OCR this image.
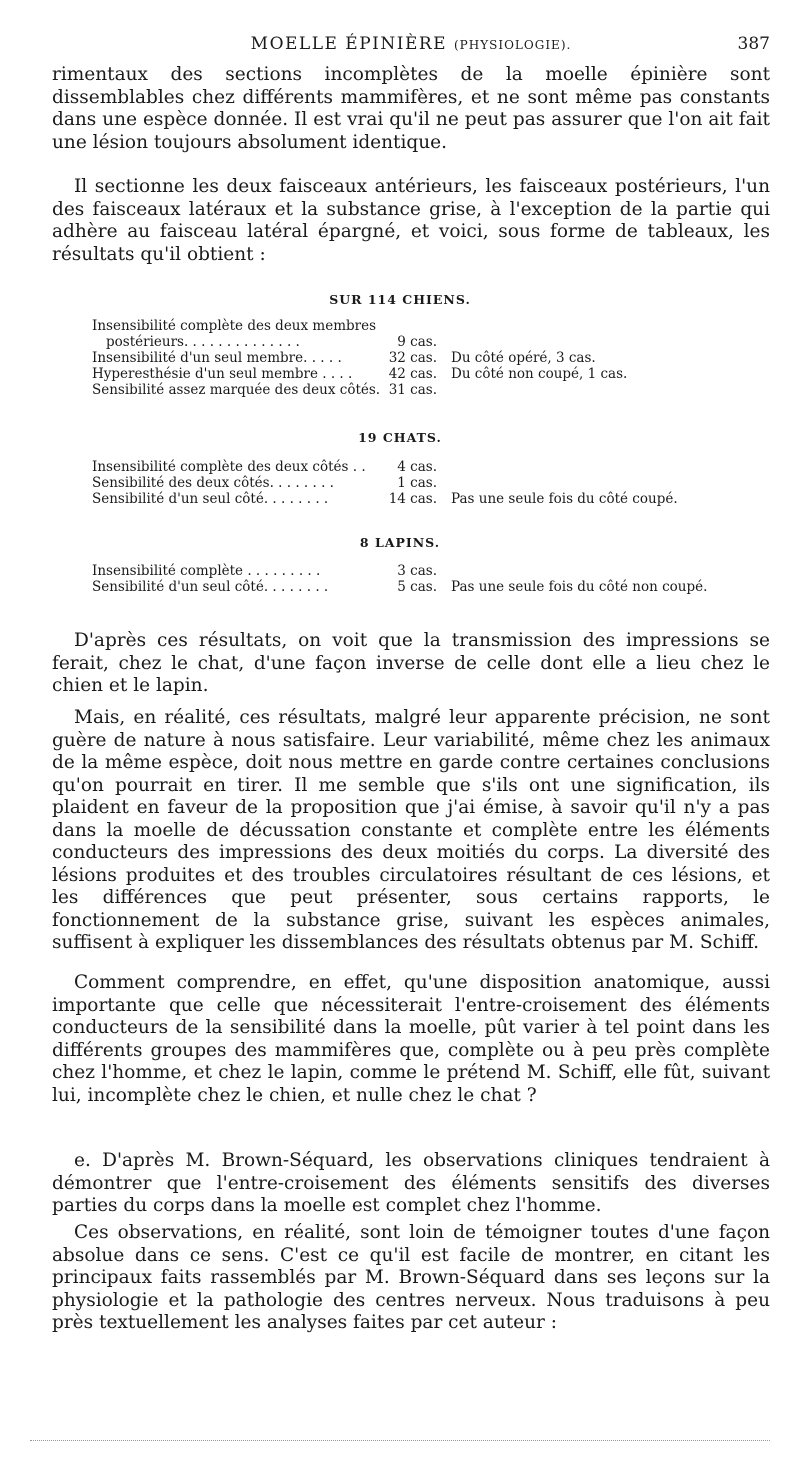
MOELLE ÉPINIÈRE (PHYSIOLOGIE).	387

rimentaux des sections incomplètes de la moelle épinière sont dissemblables chez différents mammifères, et ne sont même pas constants dans une espèce donnée. Il est vrai qu'il ne peut pas assurer que l'on ait fait une lésion toujours absolument identique.

Il sectionne les deux faisceaux antérieurs, les faisceaux postérieurs, l'un des faisceaux latéraux et la substance grise, à l'exception de la partie qui adhère au faisceau latéral épargné, et voici, sous forme de tableaux, les résultats qu'il obtient :

SUR 114 CHIENS.
Insensibilité complète des deux membres
postérieurs. . . . . . . . . . . . . .	9 cas.
Insensibilité d'un seul membre. . . . .	32 cas.	Du côté opéré, 3 cas.
Hyperesthésie d'un seul membre . . . .	42 cas.	Du côté non coupé, 1 cas.
Sensibilité assez marquée des deux côtés. 31 cas.
19 CHATS.
Insensibilité complète des deux côtés . .	4 cas.
Sensibilité des deux côtés. . . . . . . .	1 cas.
Sensibilité d'un seul côté. . . . . . . .	14 cas.	Pas une seule fois du côté coupé.
8 LAPINS.
Insensibilité complète . . . . . . . . .	3 cas.
Sensibilité d'un seul côté. . . . . . . .	5 cas.	Pas une seule fois du côté non coupé.

D'après ces résultats, on voit que la transmission des impressions se ferait, chez le chat, d'une façon inverse de celle dont elle a lieu chez le chien et le lapin.

Mais, en réalité, ces résultats, malgré leur apparente précision, ne sont guère de nature à nous satisfaire. Leur variabilité, même chez les animaux de la même espèce, doit nous mettre en garde contre certaines conclusions qu'on pourrait en tirer. Il me semble que s'ils ont une signification, ils plaident en faveur de la proposition que j'ai émise, à savoir qu'il n'y a pas dans la moelle de décussation constante et complète entre les éléments conducteurs des impressions des deux moitiés du corps. La diversité des lésions produites et des troubles circulatoires résultant de ces lésions, et les différences que peut présenter, sous certains rapports, le fonctionnement de la substance grise, suivant les espèces animales, suffisent à expliquer les dissemblances des résultats obtenus par M. Schiff.

Comment comprendre, en effet, qu'une disposition anatomique, aussi importante que celle que nécessiterait l'entre-croisement des éléments conducteurs de la sensibilité dans la moelle, pût varier à tel point dans les différents groupes des mammifères que, complète ou à peu près complète chez l'homme, et chez le lapin, comme le prétend M. Schiff, elle fût, suivant lui, incomplète chez le chien, et nulle chez le chat ?

e. D'après M. Brown-Séquard, les observations cliniques tendraient à démontrer que l'entre-croisement des éléments sensitifs des diverses parties du corps dans la moelle est complet chez l'homme.

Ces observations, en réalité, sont loin de témoigner toutes d'une façon absolue dans ce sens. C'est ce qu'il est facile de montrer, en citant les principaux faits rassemblés par M. Brown-Séquard dans ses leçons sur la physiologie et la pathologie des centres nerveux. Nous traduisons à peu près textuellement les analyses faites par cet auteur :
